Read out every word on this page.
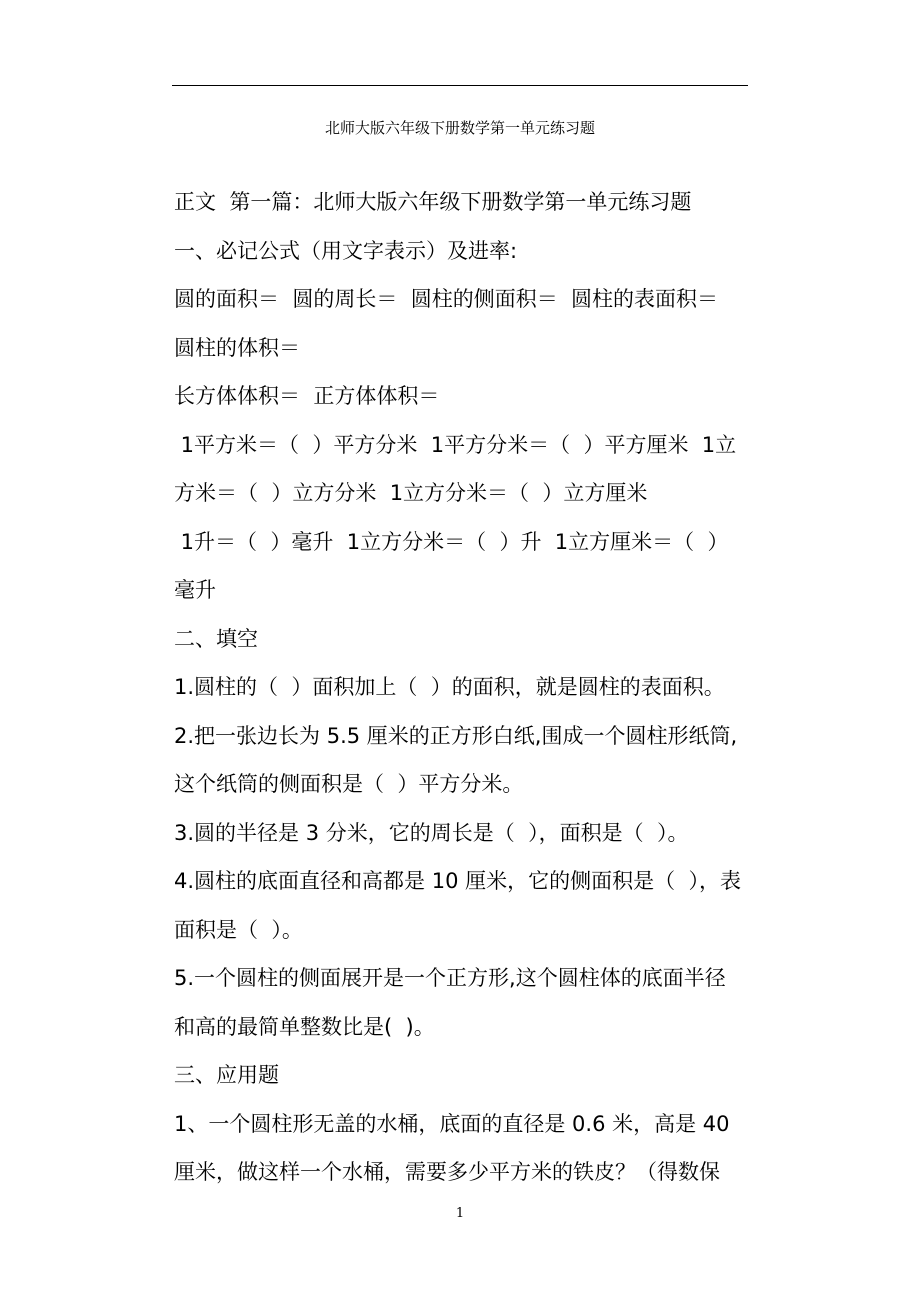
北师大版六年级下册数学第一单元练习题
正文  第一篇：北师大版六年级下册数学第一单元练习题
一、必记公式（用文字表示）及进率:
圆的面积＝  圆的周长＝  圆柱的侧面积＝  圆柱的表面积＝
圆柱的体积＝
长方体体积＝  正方体体积＝
1平方米＝（  ）平方分米  1平方分米＝（  ）平方厘米  1立
方米＝（  ）立方分米  1立方分米＝（  ）立方厘米
1升＝（  ）毫升  1立方分米＝（  ）升  1立方厘米＝（  ）
毫升
二、填空
1.圆柱的（  ）面积加上（  ）的面积，就是圆柱的表面积。
2.把一张边长为 5.5 厘米的正方形白纸,围成一个圆柱形纸筒,
这个纸筒的侧面积是（  ）平方分米。
3.圆的半径是 3 分米，它的周长是（  ），面积是（  ）。
4.圆柱的底面直径和高都是 10 厘米，它的侧面积是（  ），表
面积是（  ）。
5.一个圆柱的侧面展开是一个正方形,这个圆柱体的底面半径
和高的最简单整数比是(  )。
三、应用题
1、一个圆柱形无盖的水桶，底面的直径是 0.6 米，高是 40
厘米，做这样一个水桶，需要多少平方米的铁皮？（得数保
1
